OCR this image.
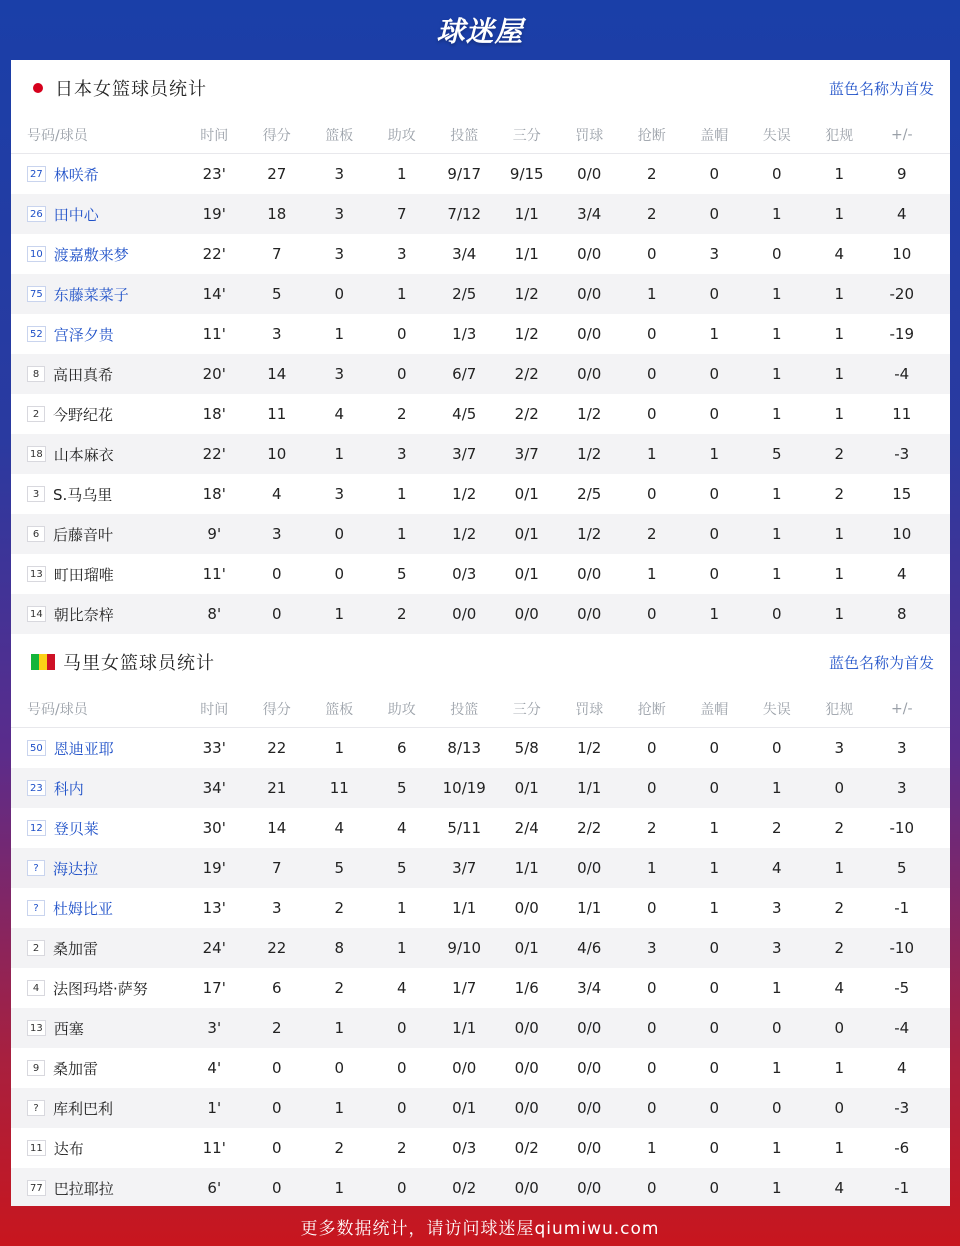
球迷屋
日本女篮球员统计	蓝色名称为首发
号码/球员	时间	得分	篮板	助攻	投篮	三分	罚球	抢断	盖帽	失误	犯规	+/-
27 林咲希	23'	27	3	1	9/17	9/15	0/0	2	0	0	1	9
26 田中心	19'	18	3	7	7/12	1/1	3/4	2	0	1	1	4
10 渡嘉敷来梦	22'	7	3	3	3/4	1/1	0/0	0	3	0	4	10
75 东藤菜菜子	14'	5	0	1	2/5	1/2	0/0	1	0	1	1	-20
52 宫泽夕贵	11'	3	1	0	1/3	1/2	0/0	0	1	1	1	-19
8 高田真希	20'	14	3	0	6/7	2/2	0/0	0	0	1	1	-4
2 今野纪花	18'	11	4	2	4/5	2/2	1/2	0	0	1	1	11
18 山本麻衣	22'	10	1	3	3/7	3/7	1/2	1	1	5	2	-3
3 S.马乌里	18'	4	3	1	1/2	0/1	2/5	0	0	1	2	15
6 后藤音叶	9'	3	0	1	1/2	0/1	1/2	2	0	1	1	10
13 町田瑠唯	11'	0	0	5	0/3	0/1	0/0	1	0	1	1	4
14 朝比奈梓	8'	0	1	2	0/0	0/0	0/0	0	1	0	1	8
马里女篮球员统计	蓝色名称为首发
号码/球员	时间	得分	篮板	助攻	投篮	三分	罚球	抢断	盖帽	失误	犯规	+/-
50 恩迪亚耶	33'	22	1	6	8/13	5/8	1/2	0	0	0	3	3
23 科内	34'	21	11	5	10/19	0/1	1/1	0	0	1	0	3
12 登贝莱	30'	14	4	4	5/11	2/4	2/2	2	1	2	2	-10
? 海达拉	19'	7	5	5	3/7	1/1	0/0	1	1	4	1	5
? 杜姆比亚	13'	3	2	1	1/1	0/0	1/1	0	1	3	2	-1
2 桑加雷	24'	22	8	1	9/10	0/1	4/6	3	0	3	2	-10
4 法图玛塔·萨努	17'	6	2	4	1/7	1/6	3/4	0	0	1	4	-5
13 西塞	3'	2	1	0	1/1	0/0	0/0	0	0	0	0	-4
9 桑加雷	4'	0	0	0	0/0	0/0	0/0	0	0	1	1	4
? 库利巴利	1'	0	1	0	0/1	0/0	0/0	0	0	0	0	-3
11 达布	11'	0	2	2	0/3	0/2	0/0	1	0	1	1	-6
77 巴拉耶拉	6'	0	1	0	0/2	0/0	0/0	0	0	1	4	-1
更多数据统计，请访问球迷屋qiumiwu.com
